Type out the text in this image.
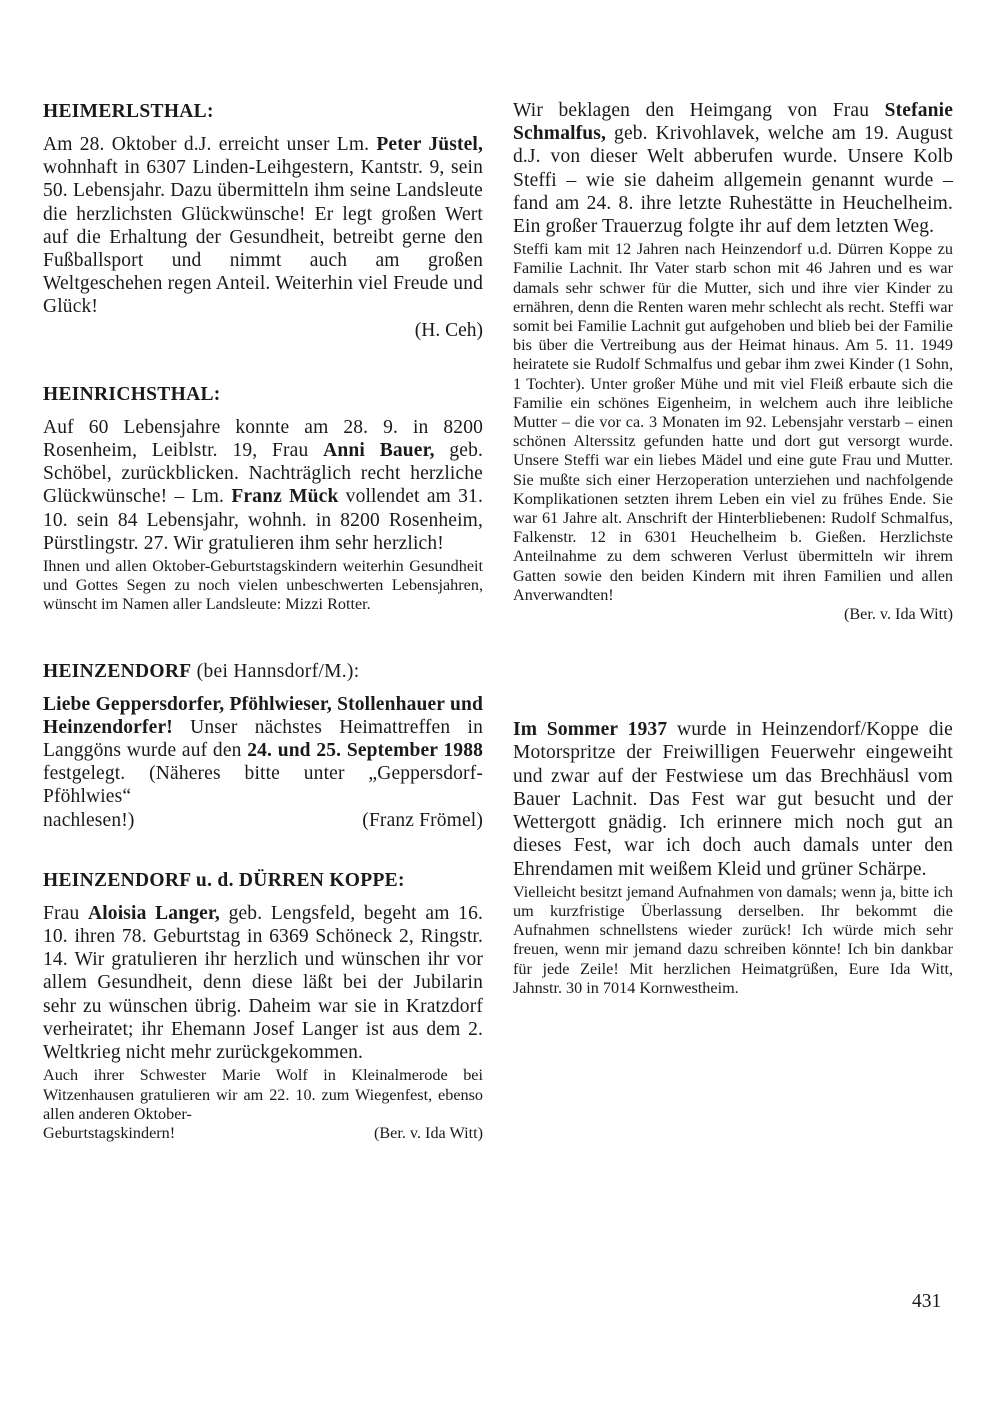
HEIMERLSTHAL:

Am 28. Oktober d.J. erreicht unser Lm. Peter Jüstel, wohnhaft in 6307 Linden-Leihgestern, Kantstr. 9, sein 50. Lebensjahr. Dazu übermitteln ihm seine Landsleute die herzlichsten Glückwünsche! Er legt großen Wert auf die Erhaltung der Gesundheit, betreibt gerne den Fußballsport und nimmt auch am großen Weltgeschehen regen Anteil. Weiterhin viel Freude und Glück!

(H. Ceh)

HEINRICHSTHAL:

Auf 60 Lebensjahre konnte am 28. 9. in 8200 Rosenheim, Leiblstr. 19, Frau Anni Bauer, geb. Schöbel, zurückblicken. Nachträglich recht herzliche Glückwünsche! – Lm. Franz Mück vollendet am 31. 10. sein 84 Lebensjahr, wohnh. in 8200 Rosenheim, Pürstlingstr. 27. Wir gratulieren ihm sehr herzlich!

Ihnen und allen Oktober-Geburtstagskindern weiterhin Gesundheit und Gottes Segen zu noch vielen unbeschwerten Lebensjahren, wünscht im Namen aller Landsleute: Mizzi Rotter.

HEINZENDORF (bei Hannsdorf/M.):

Liebe Geppersdorfer, Pföhlwieser, Stollenhauer und Heinzendorfer! Unser nächstes Heimattreffen in Langgöns wurde auf den 24. und 25. September 1988 festgelegt. (Näheres bitte unter „Geppersdorf-Pföhlwies“

nachlesen!)	(Franz Frömel)
HEINZENDORF u. d. DÜRREN KOPPE:

Frau Aloisia Langer, geb. Lengsfeld, begeht am 16. 10. ihren 78. Geburtstag in 6369 Schöneck 2, Ringstr. 14. Wir gratulieren ihr herzlich und wünschen ihr vor allem Gesundheit, denn diese läßt bei der Jubilarin sehr zu wünschen übrig. Daheim war sie in Kratzdorf verheiratet; ihr Ehemann Josef Langer ist aus dem 2. Weltkrieg nicht mehr zurückgekommen.

Auch ihrer Schwester Marie Wolf in Kleinalmerode bei Witzenhausen gratulieren wir am 22. 10. zum Wiegenfest, ebenso allen anderen Oktober-

Geburtstagskindern!	(Ber. v. Ida Witt)

Wir beklagen den Heimgang von Frau Stefanie Schmalfus, geb. Krivohlavek, welche am 19. August d.J. von dieser Welt abberufen wurde. Unsere Kolb Steffi – wie sie daheim allgemein genannt wurde – fand am 24. 8. ihre letzte Ruhestätte in Heuchelheim. Ein großer Trauerzug folgte ihr auf dem letzten Weg.

Steffi kam mit 12 Jahren nach Heinzendorf u.d. Dürren Koppe zu Familie Lachnit. Ihr Vater starb schon mit 46 Jahren und es war damals sehr schwer für die Mutter, sich und ihre vier Kinder zu ernähren, denn die Renten waren mehr schlecht als recht. Steffi war somit bei Familie Lachnit gut aufgehoben und blieb bei der Familie bis über die Vertreibung aus der Heimat hinaus. Am 5. 11. 1949 heiratete sie Rudolf Schmalfus und gebar ihm zwei Kinder (1 Sohn, 1 Tochter). Unter großer Mühe und mit viel Fleiß erbaute sich die Familie ein schönes Eigenheim, in welchem auch ihre leibliche Mutter – die vor ca. 3 Monaten im 92. Lebensjahr verstarb – einen schönen Alterssitz gefunden hatte und dort gut versorgt wurde. Unsere Steffi war ein liebes Mädel und eine gute Frau und Mutter. Sie mußte sich einer Herzoperation unterziehen und nachfolgende Komplikationen setzten ihrem Leben ein viel zu frühes Ende. Sie war 61 Jahre alt. Anschrift der Hinterbliebenen: Rudolf Schmalfus, Falkenstr. 12 in 6301 Heuchelheim b. Gießen. Herzlichste Anteilnahme zu dem schweren Verlust übermitteln wir ihrem Gatten sowie den beiden Kindern mit ihren Familien und allen Anverwandten!

(Ber. v. Ida Witt)

Im Sommer 1937 wurde in Heinzendorf/Koppe die Motorspritze der Freiwilligen Feuerwehr eingeweiht und zwar auf der Festwiese um das Brechhäusl vom Bauer Lachnit. Das Fest war gut besucht und der Wettergott gnädig. Ich erinnere mich noch gut an dieses Fest, war ich doch auch damals unter den Ehrendamen mit weißem Kleid und grüner Schärpe.

Vielleicht besitzt jemand Aufnahmen von damals; wenn ja, bitte ich um kurzfristige Überlassung derselben. Ihr bekommt die Aufnahmen schnellstens wieder zurück! Ich würde mich sehr freuen, wenn mir jemand dazu schreiben könnte! Ich bin dankbar für jede Zeile! Mit herzlichen Heimatgrüßen, Eure Ida Witt, Jahnstr. 30 in 7014 Kornwestheim.

431
